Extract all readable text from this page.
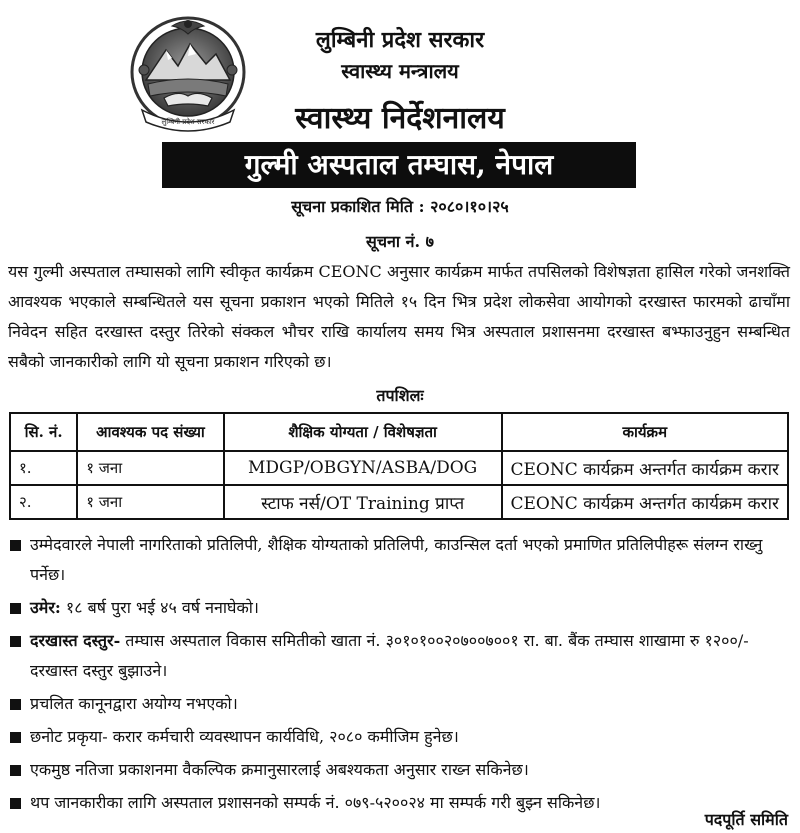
लुम्बिनी प्रदेश सरकार
लुम्बिनी प्रदेश सरकार
स्वास्थ्य मन्त्रालय
स्वास्थ्य निर्देशनालय
गुल्मी अस्पताल तम्घास, नेपाल
सूचना प्रकाशित मिति : २०८०।१०।२५
सूचना नं. ७
यस गुल्मी अस्पताल तम्घासको लागि स्वीकृत कार्यक्रम CEONC अनुसार कार्यक्रम मार्फत तपसिलको विशेषज्ञता हासिल गरेको जनशक्ति आवश्यक भएकाले सम्बन्धितले यस सूचना प्रकाशन भएको मितिले १५ दिन भित्र प्रदेश लोकसेवा आयोगको दरखास्त फारमको ढाचाँमा निवेदन सहित दरखास्त दस्तुर तिरेको संक्कल भौचर राखि कार्यालय समय भित्र अस्पताल प्रशासनमा दरखास्त बभ्फाउनुहुन सम्बन्धित सबैको जानकारीको लागि यो सूचना प्रकाशन गरिएको छ।
तपशिलः
सि. नं.	आवश्यक पद संख्या	शैक्षिक योग्यता / विशेषज्ञता	कार्यक्रम
१.	१ जना	MDGP/OBGYN/ASBA/DOG	CEONC कार्यक्रम अन्तर्गत कार्यक्रम करार
२.	१ जना	स्टाफ नर्स/OT Training प्राप्त	CEONC कार्यक्रम अन्तर्गत कार्यक्रम करार
उम्मेदवारले नेपाली नागरिताको प्रतिलिपी, शैक्षिक योग्यताको प्रतिलिपी, काउन्सिल दर्ता भएको प्रमाणित प्रतिलिपीहरू संलग्न राख्नु पर्नेछ।
उमेर: १८ बर्ष पुरा भई ४५ वर्ष ननाघेको।
दरखास्त दस्तुर- तम्घास अस्पताल विकास समितीको खाता नं. ३०१०१००२०७००७००१ रा. बा. बैंक तम्घास शाखामा रु १२००/-दरखास्त दस्तुर बुझाउने।
प्रचलित कानूनद्वारा अयोग्य नभएको।
छनोट प्रकृया- करार कर्मचारी व्यवस्थापन कार्यविधि, २०८० कमीजिम हुनेछ।
एकमुष्ठ नतिजा प्रकाशनमा वैकल्पिक क्रमानुसारलाई अबश्यकता अनुसार राख्न सकिनेछ।
थप जानकारीका लागि अस्पताल प्रशासनको सम्पर्क नं. ०७९-५२००२४ मा सम्पर्क गरी बुझ्न सकिनेछ।
पदपूर्ति समिति
